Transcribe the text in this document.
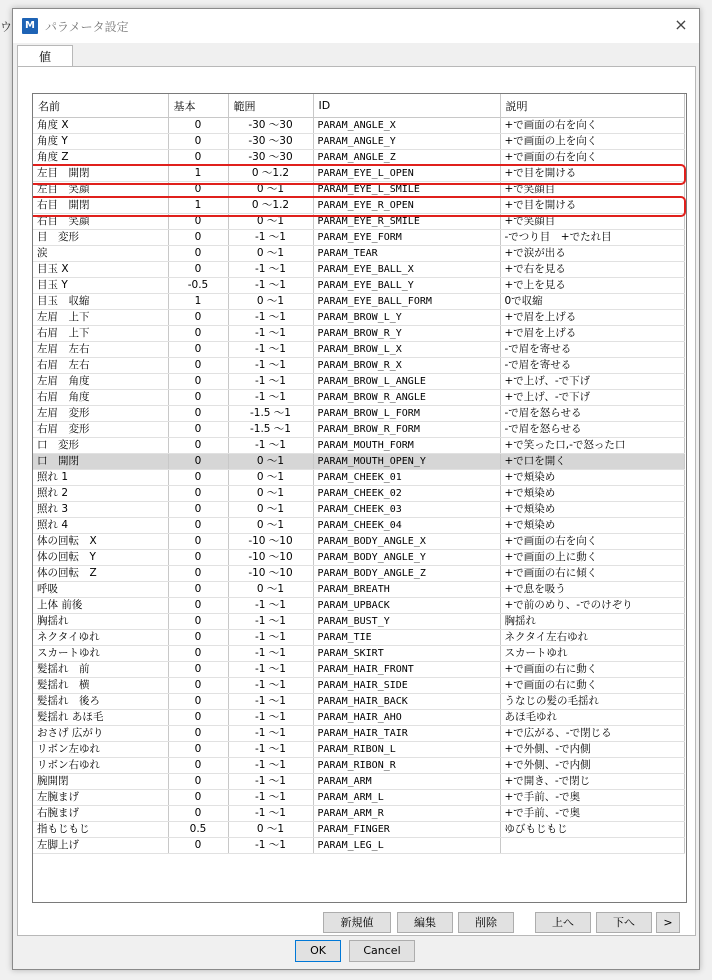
ウ	M パラメータ設定	×
値
名前	基本	範囲	ID	説明
角度 X	0	-30 ～30	PARAM_ANGLE_X	+で画面の右を向く
角度 Y	0	-30 ～30	PARAM_ANGLE_Y	+で画面の上を向く
角度 Z	0	-30 ～30	PARAM_ANGLE_Z	+で画面の右を向く
左目　開閉	1	0 ～1.2	PARAM_EYE_L_OPEN	+で目を開ける
左目　笑顔	0	0 ～1	PARAM_EYE_L_SMILE	+で笑顔目
右目　開閉	1	0 ～1.2	PARAM_EYE_R_OPEN	+で目を開ける
右目　笑顔	0	0 ～1	PARAM_EYE_R_SMILE	+で笑顔目
目　変形	0	-1 ～1	PARAM_EYE_FORM	-でつり目　+でたれ目
涙	0	0 ～1	PARAM_TEAR	+で涙が出る
目玉 X	0	-1 ～1	PARAM_EYE_BALL_X	+で右を見る
目玉 Y	-0.5	-1 ～1	PARAM_EYE_BALL_Y	+で上を見る
目玉　収縮	1	0 ～1	PARAM_EYE_BALL_FORM	0で収縮
左眉　上下	0	-1 ～1	PARAM_BROW_L_Y	+で眉を上げる
右眉　上下	0	-1 ～1	PARAM_BROW_R_Y	+で眉を上げる
左眉　左右	0	-1 ～1	PARAM_BROW_L_X	-で眉を寄せる
右眉　左右	0	-1 ～1	PARAM_BROW_R_X	-で眉を寄せる
左眉　角度	0	-1 ～1	PARAM_BROW_L_ANGLE	+で上げ、-で下げ
右眉　角度	0	-1 ～1	PARAM_BROW_R_ANGLE	+で上げ、-で下げ
左眉　変形	0	-1.5 ～1	PARAM_BROW_L_FORM	-で眉を怒らせる
右眉　変形	0	-1.5 ～1	PARAM_BROW_R_FORM	-で眉を怒らせる
口　変形	0	-1 ～1	PARAM_MOUTH_FORM	+で笑った口,-で怒った口
口　開閉	0	0 ～1	PARAM_MOUTH_OPEN_Y	+で口を開く
照れ 1	0	0 ～1	PARAM_CHEEK_01	+で頬染め
照れ 2	0	0 ～1	PARAM_CHEEK_02	+で頬染め
照れ 3	0	0 ～1	PARAM_CHEEK_03	+で頬染め
照れ 4	0	0 ～1	PARAM_CHEEK_04	+で頬染め
体の回転　X	0	-10 ～10	PARAM_BODY_ANGLE_X	+で画面の右を向く
体の回転　Y	0	-10 ～10	PARAM_BODY_ANGLE_Y	+で画面の上に動く
体の回転　Z	0	-10 ～10	PARAM_BODY_ANGLE_Z	+で画面の右に傾く
呼吸	0	0 ～1	PARAM_BREATH	+で息を吸う
上体 前後	0	-1 ～1	PARAM_UPBACK	+で前のめり、-でのけぞり
胸揺れ	0	-1 ～1	PARAM_BUST_Y	胸揺れ
ネクタイゆれ	0	-1 ～1	PARAM_TIE	ネクタイ左右ゆれ
スカートゆれ	0	-1 ～1	PARAM_SKIRT	スカートゆれ
髪揺れ　前	0	-1 ～1	PARAM_HAIR_FRONT	+で画面の右に動く
髪揺れ　横	0	-1 ～1	PARAM_HAIR_SIDE	+で画面の右に動く
髪揺れ　後ろ	0	-1 ～1	PARAM_HAIR_BACK	うなじの髪の毛揺れ
髪揺れ あほ毛	0	-1 ～1	PARAM_HAIR_AHO	あほ毛ゆれ
おさげ 広がり	0	-1 ～1	PARAM_HAIR_TAIR	+で広がる、-で閉じる
リボン左ゆれ	0	-1 ～1	PARAM_RIBON_L	+で外側、-で内側
リボン右ゆれ	0	-1 ～1	PARAM_RIBON_R	+で外側、-で内側
腕開閉	0	-1 ～1	PARAM_ARM	+で開き、-で閉じ
左腕まげ	0	-1 ～1	PARAM_ARM_L	+で手前、-で奥
右腕まげ	0	-1 ～1	PARAM_ARM_R	+で手前、-で奥
指もじもじ	0.5	0 ～1	PARAM_FINGER	ゆびもじもじ
左脚上げ	0	-1 ～1	PARAM_LEG_L	
新規値	編集	削除	上へ	下へ	>
OK	Cancel
